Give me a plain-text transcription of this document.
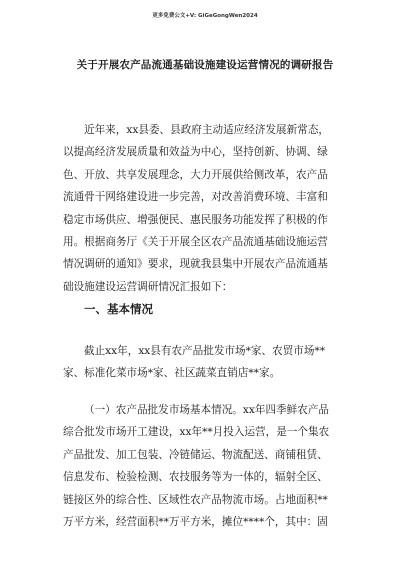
更多免费公文+V: GiGeGongWen2024
关于开展农产品流通基础设施建设运营情况的调研报告
近年来，xx县委、县政府主动适应经济发展新常态，
以提高经济发展质量和效益为中心，坚持创新、协调、绿
色、开放、共享发展理念，大力开展供给侧改革，农产品
流通骨干网络建设进一步完善，对改善消费环境、丰富和
稳定市场供应、增强便民、惠民服务功能发挥了积极的作
用。根据商务厅《关于开展全区农产品流通基础设施运营
情况调研的通知》要求，现就我县集中开展农产品流通基
础设施建设运营调研情况汇报如下：
一、基本情况
截止xx年，xx县有农产品批发市场*家、农贸市场**
家、标准化菜市场*家、社区蔬菜直销店**家。
（一）农产品批发市场基本情况。xx年四季鲜农产品
综合批发市场开工建设，xx年**月投入运营，是一个集农
产品批发、加工包装、冷链储运、物流配送、商铺租赁、
信息发布、检验检测、农技服务等为一体的，辐射全区、
链接区外的综合性、区域性农产品物流市场。占地面积**
万平方米，经营面积**万平方米，摊位****个，其中：固
